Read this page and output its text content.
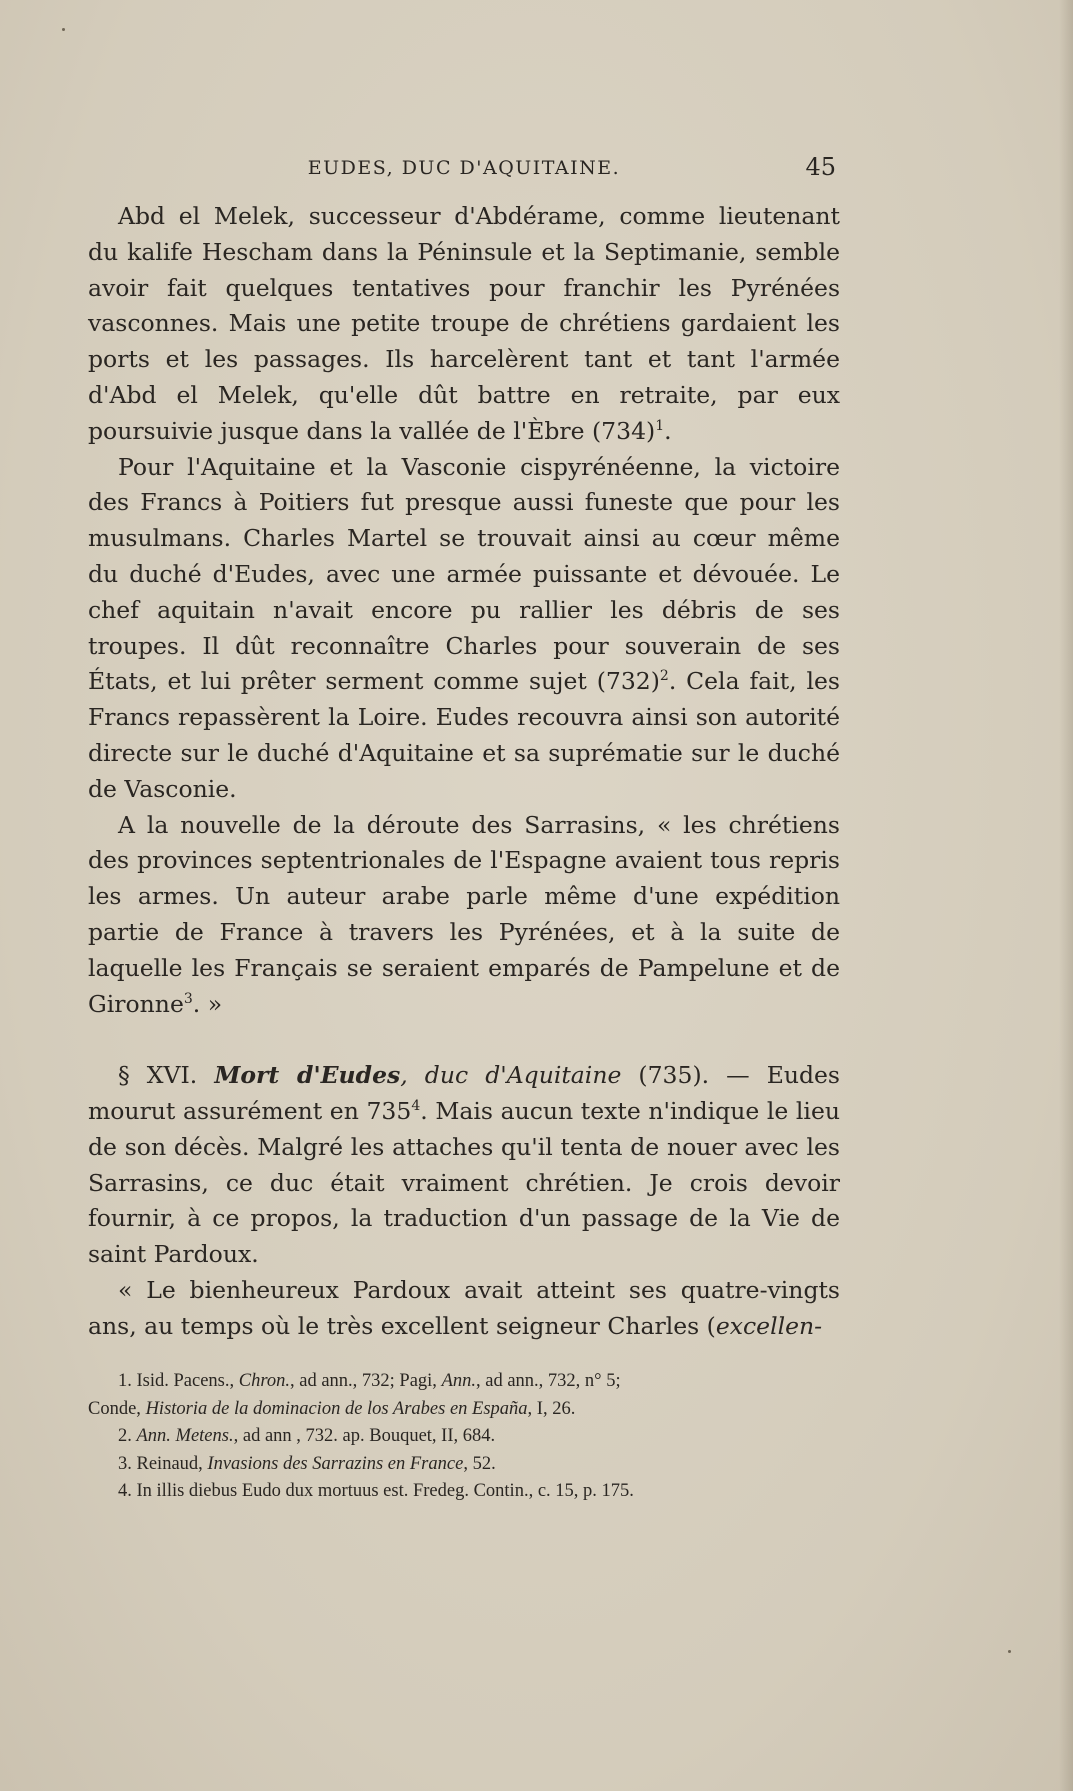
EUDES, DUC D'AQUITAINE.	45

Abd el Melek, successeur d'Abdérame, comme lieutenant du kalife Hescham dans la Péninsule et la Septimanie, semble avoir fait quelques tentatives pour franchir les Pyrénées vasconnes. Mais une petite troupe de chrétiens gardaient les ports et les passages. Ils harcelèrent tant et tant l'armée d'Abd el Melek, qu'elle dût battre en retraite, par eux poursuivie jusque dans la vallée de l'Èbre $(734)^1$.

Pour l'Aquitaine et la Vasconie cispyrénéenne, la victoire des Francs à Poitiers fut presque aussi funeste que pour les musulmans. Charles Martel se trouvait ainsi au cœur même du duché d'Eudes, avec une armée puissante et dévouée. Le chef aquitain n'avait encore pu rallier les débris de ses troupes. Il dût reconnaître Charles pour souverain de ses États, et lui prêter serment comme sujet $(732)^2$. Cela fait, les Francs repassèrent la Loire. Eudes recouvra ainsi son autorité directe sur le duché d'Aquitaine et sa suprématie sur le duché de Vasconie.

A la nouvelle de la déroute des Sarrasins, « les chrétiens des provinces septentrionales de l'Espagne avaient tous repris les armes. Un auteur arabe parle même d'une expédition partie de France à travers les Pyrénées, et à la suite de laquelle les Français se seraient emparés de Pampelune et de Gironne$^3$. »

§ XVI. Mort d'Eudes, duc d'Aquitaine (735). — Eudes mourut assurément en $735^4$. Mais aucun texte n'indique le lieu de son décès. Malgré les attaches qu'il tenta de nouer avec les Sarrasins, ce duc était vraiment chrétien. Je crois devoir fournir, à ce propos, la traduction d'un passage de la Vie de saint Pardoux.

« Le bienheureux Pardoux avait atteint ses quatre-vingts ans, au temps où le très excellent seigneur Charles (excellen-

1. Isid. Pacens., Chron., ad ann., 732; Pagi, Ann., ad ann., 732, n° 5;

Conde, Historia de la dominacion de los Arabes en España, I, 26.

2. Ann. Metens., ad ann , 732. ap. Bouquet, II, 684.

3. Reinaud, Invasions des Sarrazins en France, 52.

4. In illis diebus Eudo dux mortuus est. Fredeg. Contin., c. 15, p. 175.
